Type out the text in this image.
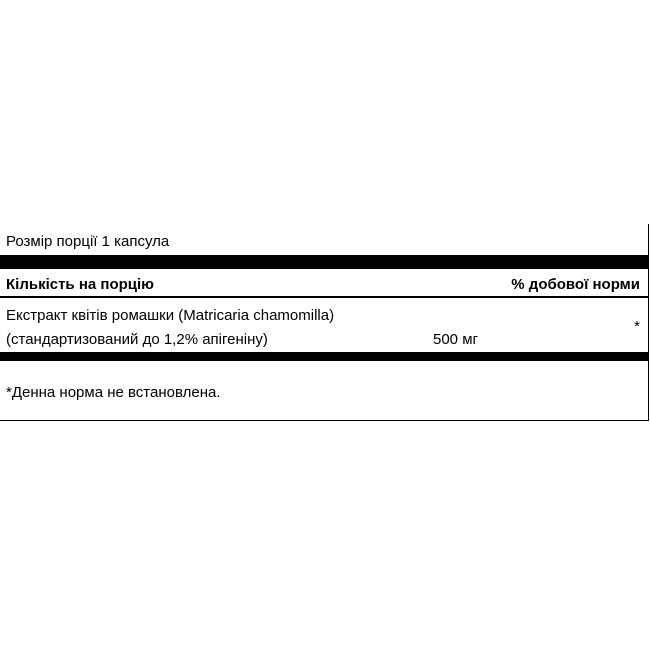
Розмір порції 1 капсула
Кількість на порцію	% добової норми
Екстракт квітів ромашки (Matricaria chamomilla)
*
(стандартизований до 1,2% апігеніну)	500 мг
*Денна норма не встановлена.
